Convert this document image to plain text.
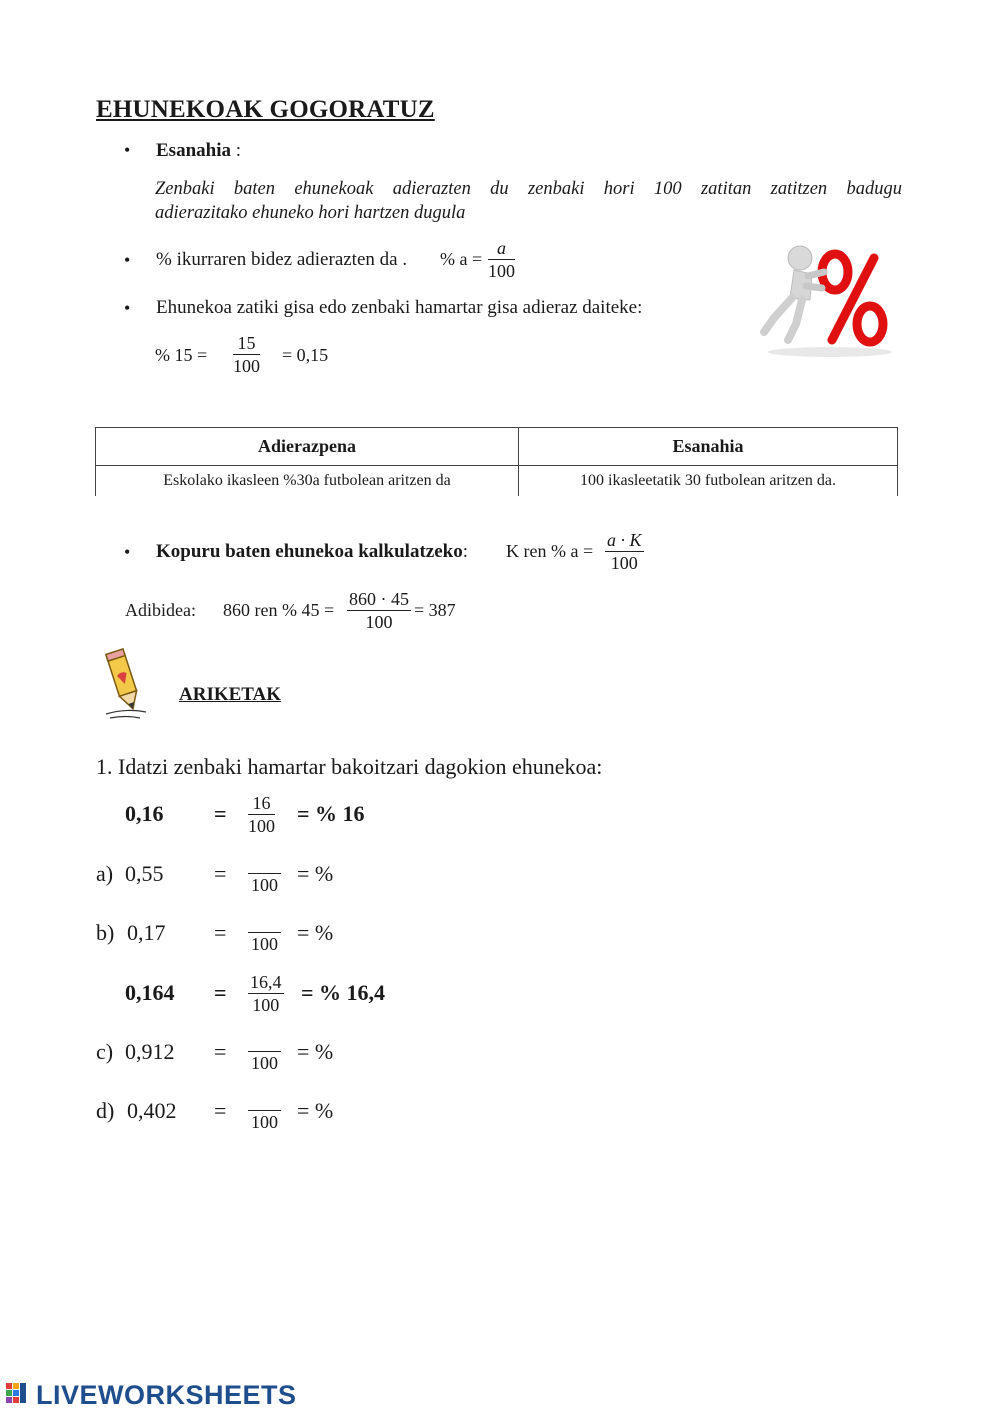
EHUNEKOAK GOGORATUZ
• Esanahia :
Zenbaki baten ehunekoak adierazten du zenbaki hori 100 zatitan zatitzen badugu
adierazitako ehuneko hori hartzen dugula
• % ikurraren bidez adierazten da . % a =
a
100
• Ehunekoa zatiki gisa edo zenbaki hamartar gisa adieraz daiteke:
% 15 =
15
100
= 0,15
Adierazpena	Esanahia
Eskolako ikasleen %30a futbolean aritzen da	100 ikasleetatik 30 futbolean aritzen da.
• Kopuru baten ehunekoa kalkulatzeko: K ren % a =
a · K
100
Adibidea: 860 ren % 45 =
860 · 45
100
= 387
ARIKETAK
1. Idatzi zenbaki hamartar bakoitzari dagokion ehunekoa:
0,16 = 16
100 = % 16
a) 0,55 = 100 = %
b) 0,17 = 100 = %
0,164 = 16,4
100 = % 16,4
c) 0,912 = 100 = %
d) 0,402 = 100 = %
LIVEWORKSHEETS
